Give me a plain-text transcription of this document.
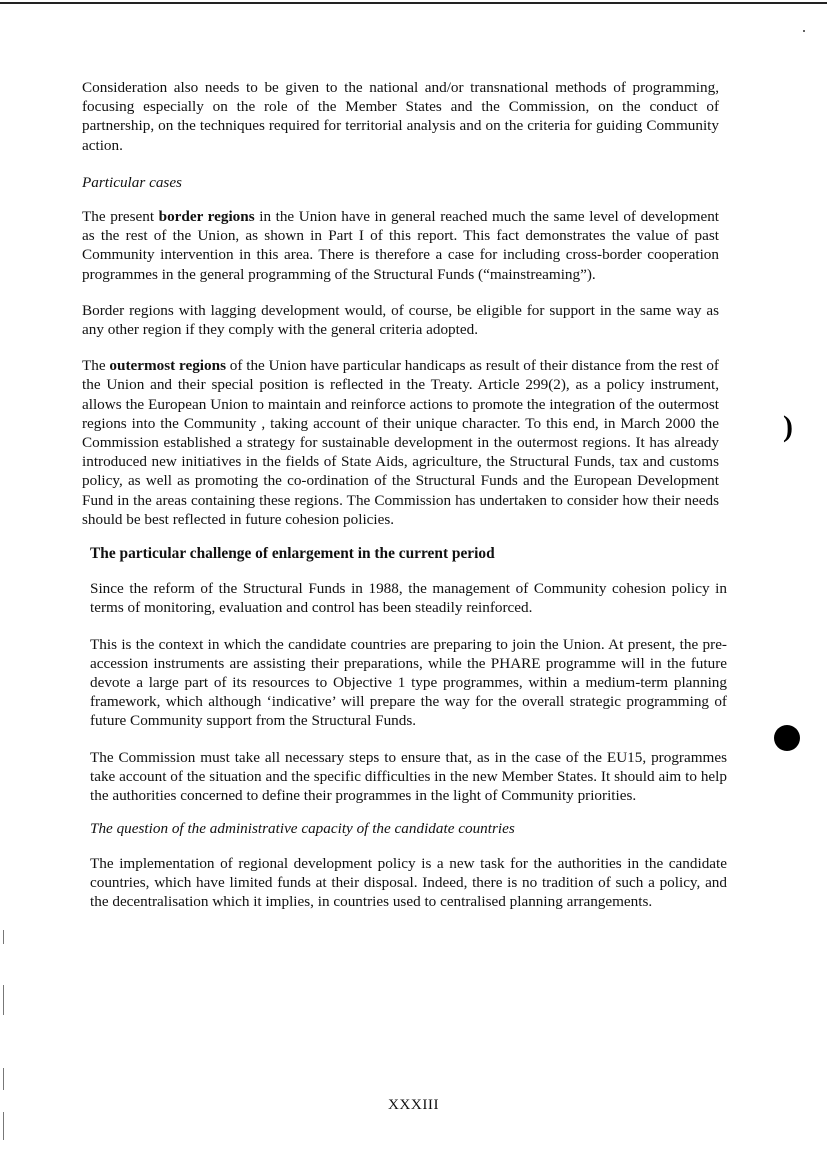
)

Consideration also needs to be given to the national and/or transnational methods of programming, focusing especially on the role of the Member States and the Commission, on the conduct of partnership, on the techniques required for territorial analysis and on the criteria for guiding Community action.

Particular cases

The present border regions in the Union have in general reached much the same level of development as the rest of the Union, as shown in Part I of this report. This fact demonstrates the value of past Community intervention in this area. There is therefore a case for including cross-border cooperation programmes in the general programming of the Structural Funds (“mainstreaming”).

Border regions with lagging development would, of course, be eligible for support in the same way as any other region if they comply with the general criteria adopted.

The outermost regions of the Union have particular handicaps as result of their distance from the rest of the Union and their special position is reflected in the Treaty. Article 299(2), as a policy instrument, allows the European Union to maintain and reinforce actions to promote the integration of the outermost regions into the Community , taking account of their unique character. To this end, in March 2000 the Commission established a strategy for sustainable development in the outermost regions. It has already introduced new initiatives in the fields of State Aids, agriculture, the Structural Funds, tax and customs policy, as well as promoting the co-ordination of the Structural Funds and the European Development Fund in the areas containing these regions. The Commission has undertaken to consider how their needs should be best reflected in future cohesion policies.

The particular challenge of enlargement in the current period

Since the reform of the Structural Funds in 1988, the management of Community cohesion policy in terms of monitoring, evaluation and control has been steadily reinforced.

This is the context in which the candidate countries are preparing to join the Union. At present, the pre-accession instruments are assisting their preparations, while the PHARE programme will in the future devote a large part of its resources to Objective 1 type programmes, within a medium-term planning framework, which although ‘indicative’ will prepare the way for the overall strategic programming of future Community support from the Structural Funds.

The Commission must take all necessary steps to ensure that, as in the case of the EU15, programmes take account of the situation and the specific difficulties in the new Member States. It should aim to help the authorities concerned to define their programmes in the light of Community priorities.

The question of the administrative capacity of the candidate countries

The implementation of regional development policy is a new task for the authorities in the candidate countries, which have limited funds at their disposal. Indeed, there is no tradition of such a policy, and the decentralisation which it implies, in countries used to centralised planning arrangements.

XXXIII
